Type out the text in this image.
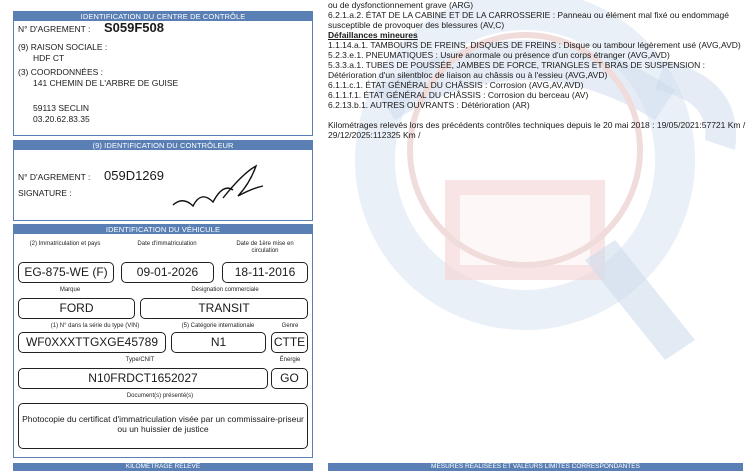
ou de dysfonctionnement grave (ARG)

6.2.1.a.2. ÉTAT DE LA CABINE ET DE LA CARROSSERIE : Panneau ou élément mal fixé ou endommagé susceptible de provoquer des blessures (AV,C)

Défaillances mineures

1.1.14.a.1. TAMBOURS DE FREINS, DISQUES DE FREINS : Disque ou tambour légèrement usé (AVG,AVD)

5.2.3.e.1. PNEUMATIQUES : Usure anormale ou présence d'un corps étranger (AVG,AVD)

5.3.3.a.1. TUBES DE POUSSÉE, JAMBES DE FORCE, TRIANGLES ET BRAS DE SUSPENSION : Détérioration d'un silentbloc de liaison au châssis ou à l'essieu (AVG,AVD)

6.1.1.c.1. ÉTAT GÉNÉRAL DU CHÂSSIS : Corrosion (AVG,AV,AVD)

6.1.1.f.1. ÉTAT GÉNÉRAL DU CHÂSSIS : Corrosion du berceau (AV)

6.2.13.b.1. AUTRES OUVRANTS : Détérioration (AR)

Kilométrages relevés lors des précédents contrôles techniques depuis le 20 mai 2018 : 19/05/2021:57721 Km / 29/12/2025:112325 Km /

IDENTIFICATION DU CENTRE DE CONTRÔLE
N° D'AGREMENT : S059F508
(9) RAISON SOCIALE :
HDF CT
(3) COORDONNÉES :
141 CHEMIN DE L'ARBRE DE GUISE
59113 SECLIN
03.20.62.83.35
(9) IDENTIFICATION DU CONTRÔLEUR
N° D'AGREMENT : 059D1269
SIGNATURE :
IDENTIFICATION DU VÉHICULE
(2) Immatriculation et pays	Date d'immatriculation	Date de 1ère mise en circulation
EG-875-WE (F)	09-01-2026	18-11-2016
Marque	Désignation commerciale
FORD	TRANSIT
(1) N° dans la série du type (VIN)	(5) Catégorie internationale	Genre
WF0XXXTTGXGE45789	N1	CTTE
Type/CNIT	Énergie
N10FRDCT1652027	GO
Document(s) présenté(s)
Photocopie du certificat d'immatriculation visée par un commissaire-priseur ou un huissier de justice
KILOMÉTRAGE RELEVÉ	MESURES RÉALISÉES ET VALEURS LIMITES CORRESPONDANTES
